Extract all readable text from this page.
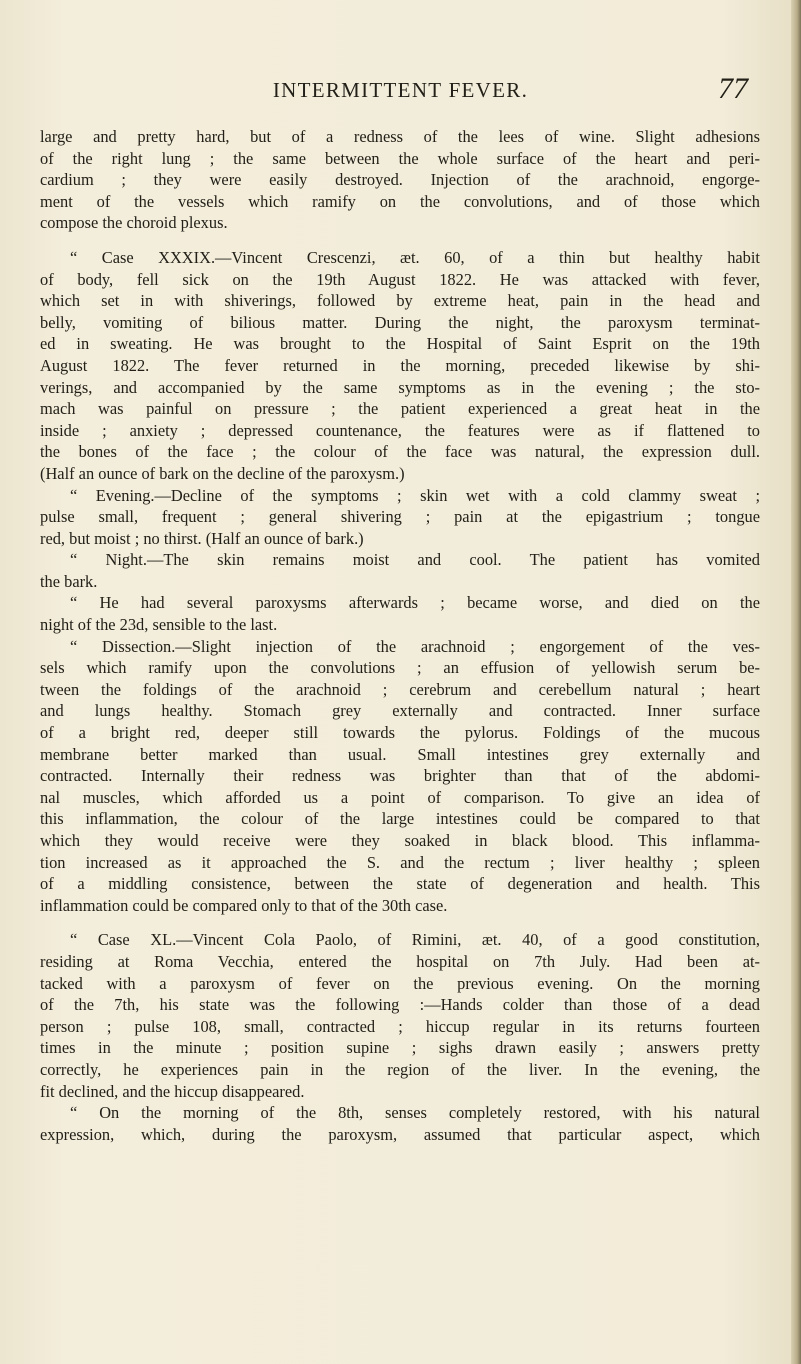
INTERMITTENT FEVER.	77
large and pretty hard, but of a redness of the lees of wine. Slight adhesions
of the right lung ; the same between the whole surface of the heart and peri-
cardium ; they were easily destroyed. Injection of the arachnoid, engorge-
ment of the vessels which ramify on the convolutions, and of those which
compose the choroid plexus.
“ Case XXXIX.—Vincent Crescenzi, æt. 60, of a thin but healthy habit
of body, fell sick on the 19th August 1822. He was attacked with fever,
which set in with shiverings, followed by extreme heat, pain in the head and
belly, vomiting of bilious matter. During the night, the paroxysm terminat-
ed in sweating. He was brought to the Hospital of Saint Esprit on the 19th
August 1822. The fever returned in the morning, preceded likewise by shi-
verings, and accompanied by the same symptoms as in the evening ; the sto-
mach was painful on pressure ; the patient experienced a great heat in the
inside ; anxiety ; depressed countenance, the features were as if flattened to
the bones of the face ; the colour of the face was natural, the expression dull.
(Half an ounce of bark on the decline of the paroxysm.)
“ Evening.—Decline of the symptoms ; skin wet with a cold clammy sweat ;
pulse small, frequent ; general shivering ; pain at the epigastrium ; tongue
red, but moist ; no thirst. (Half an ounce of bark.)
“ Night.—The skin remains moist and cool. The patient has vomited
the bark.
“ He had several paroxysms afterwards ; became worse, and died on the
night of the 23d, sensible to the last.
“ Dissection.—Slight injection of the arachnoid ; engorgement of the ves-
sels which ramify upon the convolutions ; an effusion of yellowish serum be-
tween the foldings of the arachnoid ; cerebrum and cerebellum natural ; heart
and lungs healthy. Stomach grey externally and contracted. Inner surface
of a bright red, deeper still towards the pylorus. Foldings of the mucous
membrane better marked than usual. Small intestines grey externally and
contracted. Internally their redness was brighter than that of the abdomi-
nal muscles, which afforded us a point of comparison. To give an idea of
this inflammation, the colour of the large intestines could be compared to that
which they would receive were they soaked in black blood. This inflamma-
tion increased as it approached the S. and the rectum ; liver healthy ; spleen
of a middling consistence, between the state of degeneration and health. This
inflammation could be compared only to that of the 30th case.
“ Case XL.—Vincent Cola Paolo, of Rimini, æt. 40, of a good constitution,
residing at Roma Vecchia, entered the hospital on 7th July. Had been at-
tacked with a paroxysm of fever on the previous evening. On the morning
of the 7th, his state was the following :—Hands colder than those of a dead
person ; pulse 108, small, contracted ; hiccup regular in its returns fourteen
times in the minute ; position supine ; sighs drawn easily ; answers pretty
correctly, he experiences pain in the region of the liver. In the evening, the
fit declined, and the hiccup disappeared.
“ On the morning of the 8th, senses completely restored, with his natural
expression, which, during the paroxysm, assumed that particular aspect, which
